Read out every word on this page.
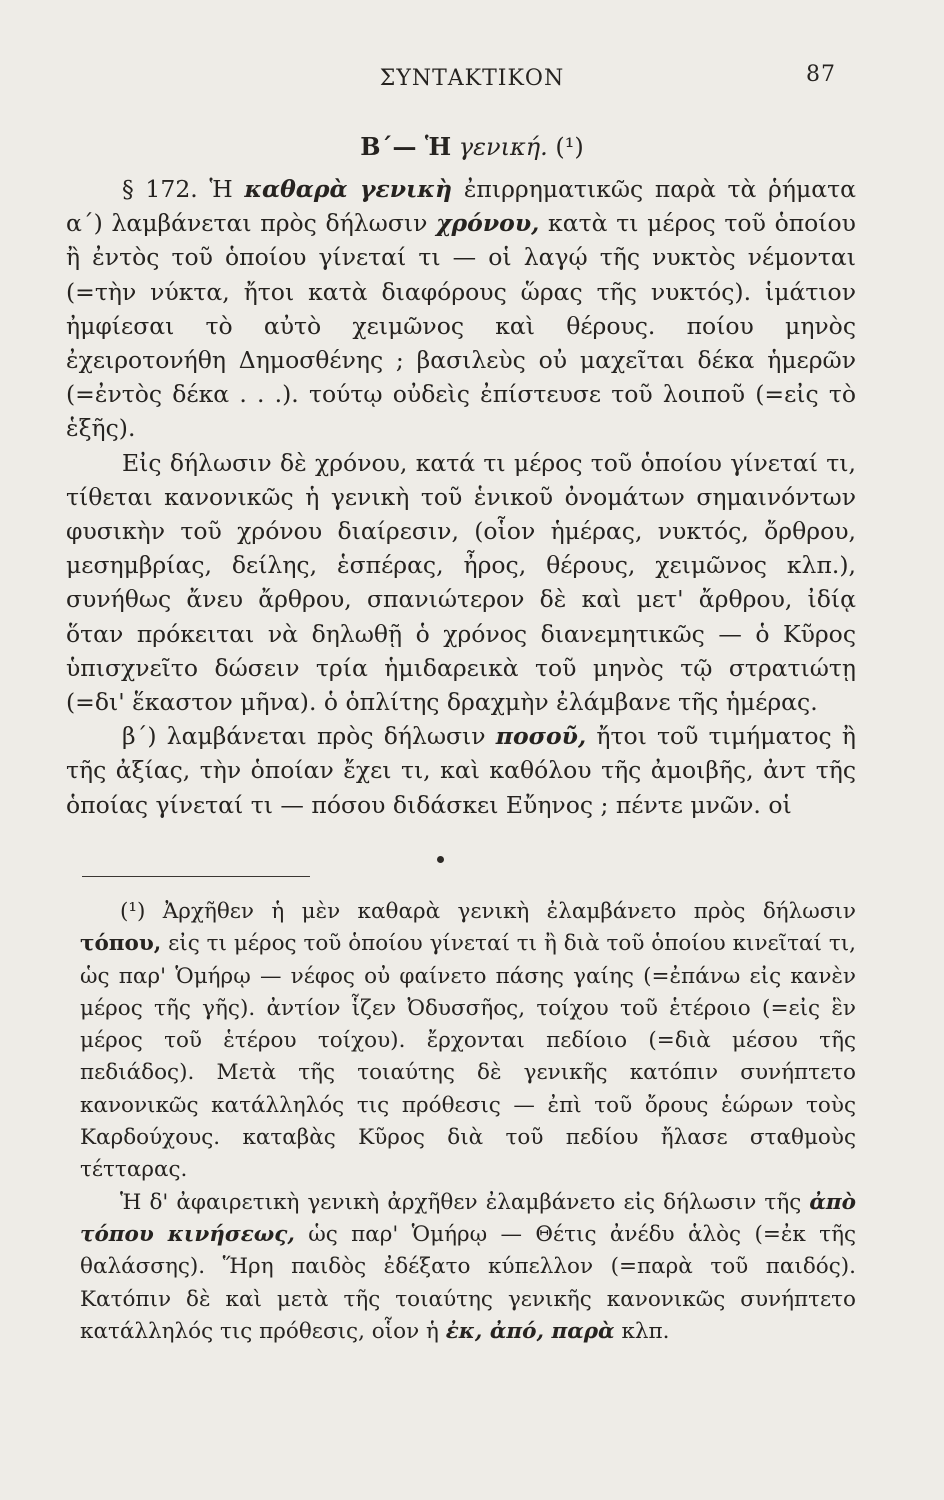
ΣΥΝΤΑΚΤΙΚΟΝ	87
Β΄— Ἡ γενική. (¹)

§ 172. Ἡ καθαρὰ γενικὴ ἐπιρρηματικῶς παρὰ τὰ ῥήματα α΄) λαμβάνεται πρὸς δήλωσιν χρόνου, κατὰ τι μέρος τοῦ ὁποίου ἢ ἐντὸς τοῦ ὁποίου γίνεταί τι — οἱ λαγῴ τῆς νυκτὸς νέμονται (=τὴν νύκτα, ἤτοι κατὰ διαφόρους ὥρας τῆς νυκτός). ἱμάτιον ἠμφίεσαι τὸ αὐτὸ χειμῶνος καὶ θέρους. ποίου μηνὸς ἐχειροτονήθη Δημοσθένης ; βασιλεὺς οὐ μαχεῖται δέκα ἡμερῶν (=ἐντὸς δέκα . . .). τούτῳ οὐδεὶς ἐπίστευσε τοῦ λοιποῦ (=εἰς τὸ ἑξῆς).

Εἰς δήλωσιν δὲ χρόνου, κατά τι μέρος τοῦ ὁποίου γίνεταί τι, τίθεται κανονικῶς ἡ γενικὴ τοῦ ἑνικοῦ ὀνομάτων σημαινόντων φυσικὴν τοῦ χρόνου διαίρεσιν, (οἷον ἡμέρας, νυκτός, ὄρθρου, μεσημβρίας, δείλης, ἑσπέρας, ἦρος, θέρους, χειμῶνος κλπ.), συνήθως ἄνευ ἄρθρου, σπανιώτερον δὲ καὶ μετ' ἄρθρου, ἰδίᾳ ὅταν πρόκειται νὰ δηλωθῇ ὁ χρόνος διανεμητικῶς — ὁ Κῦρος ὑπισχνεῖτο δώσειν τρία ἡμιδαρεικὰ τοῦ μηνὸς τῷ στρατιώτῃ (=δι' ἕκαστον μῆνα). ὁ ὁπλίτης δραχμὴν ἐλάμβανε τῆς ἡμέρας.

β΄) λαμβάνεται πρὸς δήλωσιν ποσοῦ, ἤτοι τοῦ τιμήματος ἢ τῆς ἀξίας, τὴν ὁποίαν ἔχει τι, καὶ καθόλου τῆς ἀμοιβῆς, ἀντ τῆς ὁποίας γίνεταί τι — πόσου διδάσκει Εὔηνος ; πέντε μνῶν. οἱ

(¹) Ἀρχῆθεν ἡ μὲν καθαρὰ γενικὴ ἐλαμβάνετο πρὸς δήλωσιν τόπου, εἰς τι μέρος τοῦ ὁποίου γίνεταί τι ἢ διὰ τοῦ ὁποίου κινεῖταί τι, ὡς παρ' Ὁμήρῳ — νέφος οὐ φαίνετο πάσης γαίης (=ἐπάνω εἰς κανὲν μέρος τῆς γῆς). ἀντίον ἷζεν Ὀδυσσῆος, τοίχου τοῦ ἑτέροιο (=εἰς ἓν μέρος τοῦ ἑτέρου τοίχου). ἔρχονται πεδίοιο (=διὰ μέσου τῆς πεδιάδος). Μετὰ τῆς τοιαύτης δὲ γενικῆς κατόπιν συνήπτετο κανονικῶς κατάλληλός τις πρόθεσις — ἐπὶ τοῦ ὄρους ἑώρων τοὺς Καρδούχους. καταβὰς Κῦρος διὰ τοῦ πεδίου ἤλασε σταθμοὺς τέτταρας.

Ἡ δ' ἀφαιρετικὴ γενικὴ ἀρχῆθεν ἐλαμβάνετο εἰς δήλωσιν τῆς ἀπὸ τόπου κινήσεως, ὡς παρ' Ὁμήρῳ — Θέτις ἀνέδυ ἁλὸς (=ἐκ τῆς θαλάσσης). Ἥρη παιδὸς ἐδέξατο κύπελλον (=παρὰ τοῦ παιδός). Κατόπιν δὲ καὶ μετὰ τῆς τοιαύτης γενικῆς κανονικῶς συνήπτετο κατάλληλός τις πρόθεσις, οἷον ἡ ἐκ, ἀπό, παρὰ κλπ.
